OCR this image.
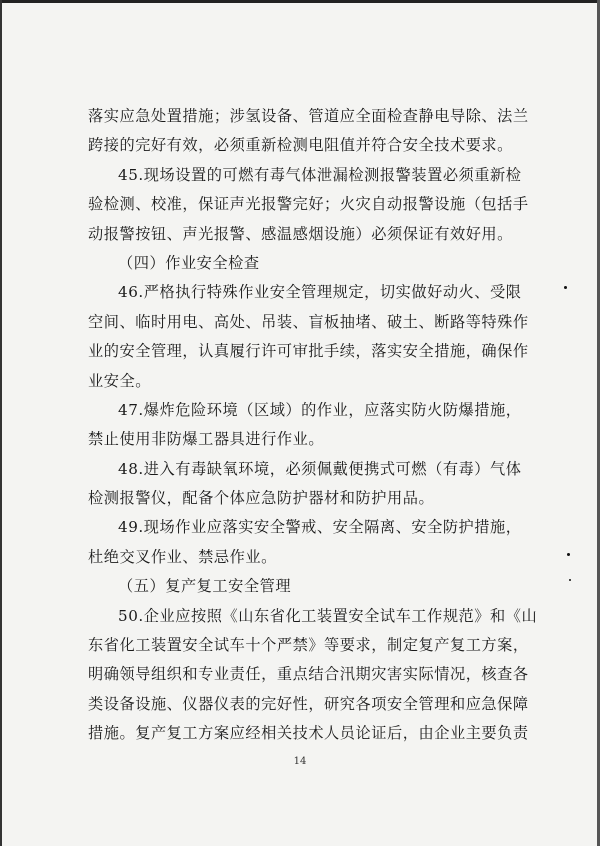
落实应急处置措施；涉氢设备、管道应全面检查静电导除、法兰
跨接的完好有效，必须重新检测电阻值并符合安全技术要求。
45.现场设置的可燃有毒气体泄漏检测报警装置必须重新检
验检测、校准，保证声光报警完好；火灾自动报警设施（包括手
动报警按钮、声光报警、感温感烟设施）必须保证有效好用。
（四）作业安全检查
46.严格执行特殊作业安全管理规定，切实做好动火、受限
空间、临时用电、高处、吊装、盲板抽堵、破土、断路等特殊作
业的安全管理，认真履行许可审批手续，落实安全措施，确保作
业安全。
47.爆炸危险环境（区域）的作业，应落实防火防爆措施，
禁止使用非防爆工器具进行作业。
48.进入有毒缺氧环境，必须佩戴便携式可燃（有毒）气体
检测报警仪，配备个体应急防护器材和防护用品。
49.现场作业应落实安全警戒、安全隔离、安全防护措施，
杜绝交叉作业、禁忌作业。
（五）复产复工安全管理
50.企业应按照《山东省化工装置安全试车工作规范》和《山
东省化工装置安全试车十个严禁》等要求，制定复产复工方案，
明确领导组织和专业责任，重点结合汛期灾害实际情况，核查各
类设备设施、仪器仪表的完好性，研究各项安全管理和应急保障
措施。复产复工方案应经相关技术人员论证后，由企业主要负责
14
